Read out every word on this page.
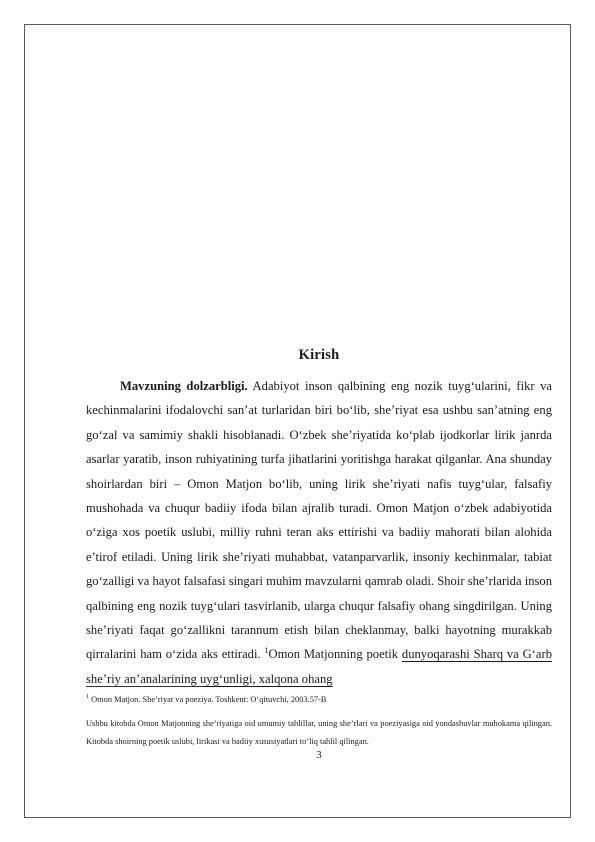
Kirish

Mavzuning dolzarbligi. Adabiyot inson qalbining eng nozik tuyg‘ularini, fikr va kechinmalarini ifodalovchi san’at turlaridan biri bo‘lib, she’riyat esa ushbu san’atning eng go‘zal va samimiy shakli hisoblanadi. O‘zbek she’riyatida ko‘plab ijodkorlar lirik janrda asarlar yaratib, inson ruhiyatining turfa jihatlarini yoritishga harakat qilganlar. Ana shunday shoirlardan biri – Omon Matjon bo‘lib, uning lirik she’riyati nafis tuyg‘ular, falsafiy mushohada va chuqur badiiy ifoda bilan ajralib turadi. Omon Matjon o‘zbek adabiyotida o‘ziga xos poetik uslubi, milliy ruhni teran aks ettirishi va badiiy mahorati bilan alohida e’tirof etiladi. Uning lirik she’riyati muhabbat, vatanparvarlik, insoniy kechinmalar, tabiat go‘zalligi va hayot falsafasi singari muhim mavzularni qamrab oladi. Shoir she’rlarida inson qalbining eng nozik tuyg‘ulari tasvirlanib, ularga chuqur falsafiy ohang singdirilgan. Uning she’riyati faqat go‘zallikni tarannum etish bilan cheklanmay, balki hayotning murakkab qirralarini ham o‘zida aks ettiradi. $^1$Omon Matjonning poetik dunyoqarashi Sharq va G‘arb she’riy an’analarining uyg‘unligi, xalqona ohang

$^1$ Omon Matjon. She’riyat va poeziya. Toshkent: O‘qituvchi, 2003.57-B
Ushbu kitobda Omon Matjonning she’riyatiga oid umumiy tahlillar, uning she’rlari va poeziyasiga oid yondashuvlar muhokama qilingan. Kitobda shoirning poetik uslubi, lirikasi va badiiy xususiyatlari to‘liq tahlil qilingan.
3
